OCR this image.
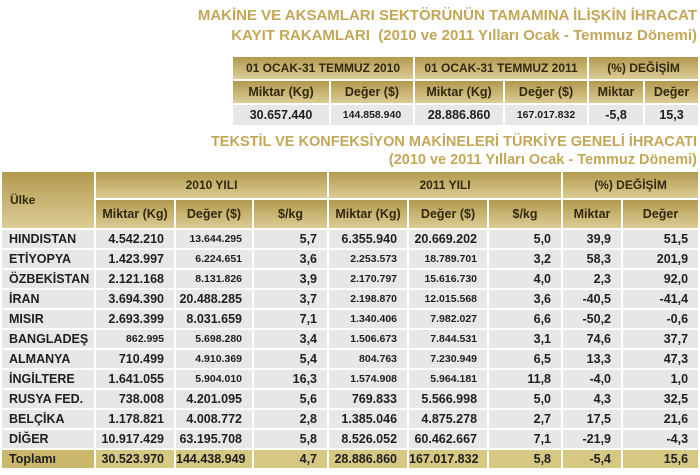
MAKİNE VE AKSAMLARI SEKTÖRÜNÜN TAMAMINA İLİŞKİN İHRACAT
KAYIT RAKAMLARI  (2010 ve 2011 Yılları Ocak - Temmuz Dönemi)
01 OCAK-31 TEMMUZ 2010		01 OCAK-31 TEMMUZ 2011		(%) DEĞİŞİM	
Miktar (Kg)	Değer ($)	Miktar (Kg)	Değer ($)	Miktar	Değer
30.657.440	144.858.940	28.886.860	167.017.832	-5,8	15,3
TEKSTİL VE KONFEKSİYON MAKİNELERİ TÜRKİYE GENELİ İHRACATI
(2010 ve 2011 Yılları Ocak - Temmuz Dönemi)
Ülke	2010 YILI			2011 YILI			(%) DEĞİŞİM	
	Miktar (Kg)	Değer ($)	$/kg	Miktar (Kg)	Değer ($)	$/kg	Miktar	Değer
HINDISTAN	4.542.210	13.644.295	5,7	6.355.940	20.669.202	5,0	39,9	51,5
ETİYOPYA	1.423.997	6.224.651	3,6	2.253.573	18.789.701	3,2	58,3	201,9
ÖZBEKİSTAN	2.121.168	8.131.826	3,9	2.170.797	15.616.730	4,0	2,3	92,0
İRAN	3.694.390	20.488.285	3,7	2.198.870	12.015.568	3,6	-40,5	-41,4
MISIR	2.693.399	8.031.659	7,1	1.340.406	7.982.027	6,6	-50,2	-0,6
BANGLADEŞ	862.995	5.698.280	3,4	1.506.673	7.844.531	3,1	74,6	37,7
ALMANYA	710.499	4.910.369	5,4	804.763	7.230.949	6,5	13,3	47,3
İNGİLTERE	1.641.055	5.904.010	16,3	1.574.908	5.964.181	11,8	-4,0	1,0
RUSYA FED.	738.008	4.201.095	5,6	769.833	5.566.998	5,0	4,3	32,5
BELÇİKA	1.178.821	4.008.772	2,8	1.385.046	4.875.278	2,7	17,5	21,6
DİĞER	10.917.429	63.195.708	5,8	8.526.052	60.462.667	7,1	-21,9	-4,3
Toplamı	30.523.970	144.438.949	4,7	28.886.860	167.017.832	5,8	-5,4	15,6
